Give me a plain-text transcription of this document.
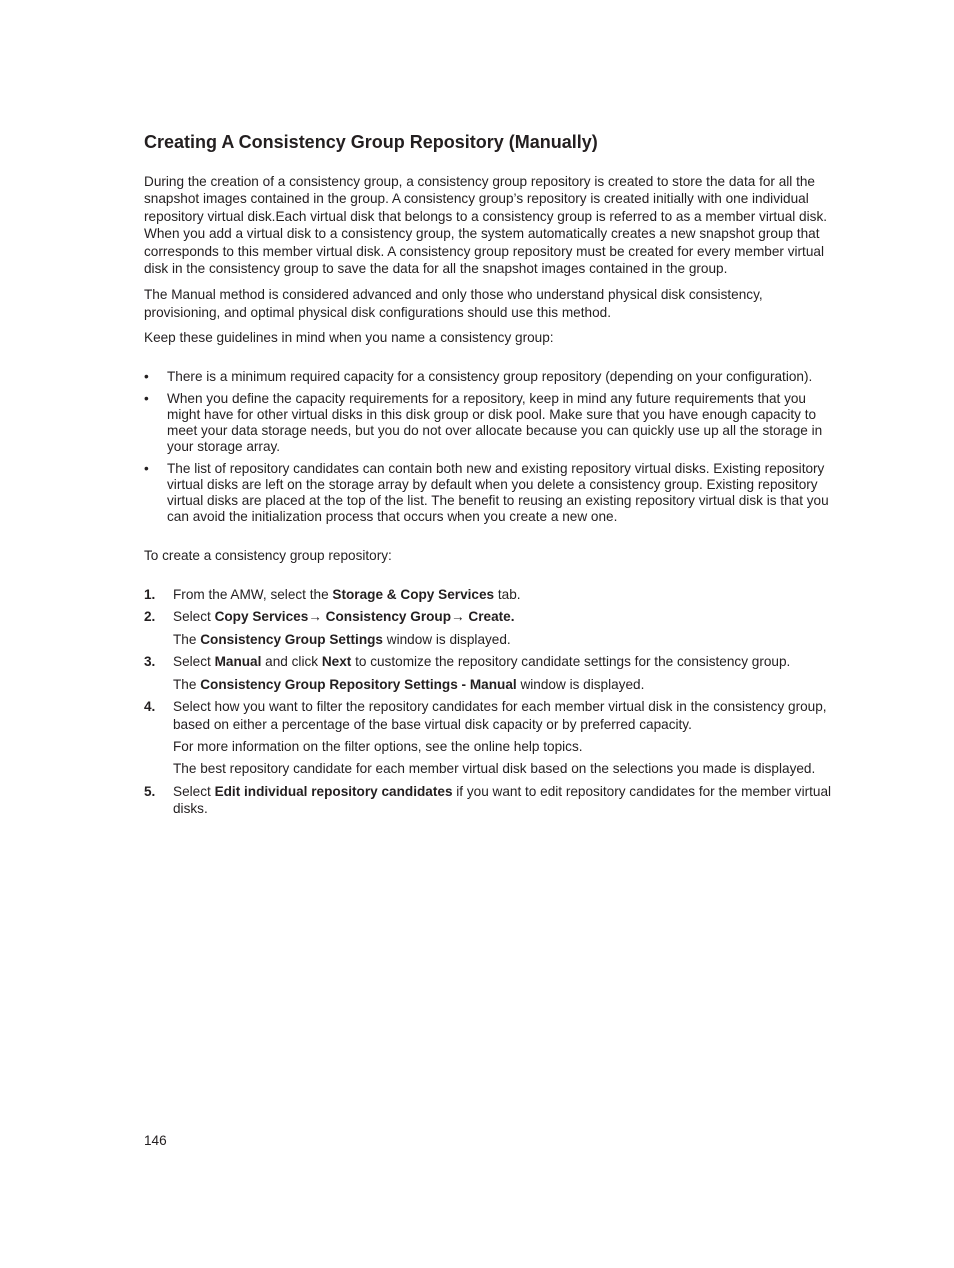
Creating A Consistency Group Repository (Manually)

During the creation of a consistency group, a consistency group repository is created to store the data for all the snapshot images contained in the group. A consistency group’s repository is created initially with one individual repository virtual disk.Each virtual disk that belongs to a consistency group is referred to as a member virtual disk. When you add a virtual disk to a consistency group, the system automatically creates a new snapshot group that corresponds to this member virtual disk. A consistency group repository must be created for every member virtual disk in the consistency group to save the data for all the snapshot images contained in the group.

The Manual method is considered advanced and only those who understand physical disk consistency, provisioning, and optimal physical disk configurations should use this method.

Keep these guidelines in mind when you name a consistency group:

• There is a minimum required capacity for a consistency group repository (depending on your configuration).
• When you define the capacity requirements for a repository, keep in mind any future requirements that you might have for other virtual disks in this disk group or disk pool. Make sure that you have enough capacity to meet your data storage needs, but you do not over allocate because you can quickly use up all the storage in your storage array.
• The list of repository candidates can contain both new and existing repository virtual disks. Existing repository virtual disks are left on the storage array by default when you delete a consistency group. Existing repository virtual disks are placed at the top of the list. The benefit to reusing an existing repository virtual disk is that you can avoid the initialization process that occurs when you create a new one.

To create a consistency group repository:

1. From the AMW, select the Storage & Copy Services tab.
2. Select Copy Services→ Consistency Group→ Create.

The Consistency Group Settings window is displayed.

3. Select Manual and click Next to customize the repository candidate settings for the consistency group.

The Consistency Group Repository Settings - Manual window is displayed.

4. Select how you want to filter the repository candidates for each member virtual disk in the consistency group, based on either a percentage of the base virtual disk capacity or by preferred capacity.

For more information on the filter options, see the online help topics.

The best repository candidate for each member virtual disk based on the selections you made is displayed.

5. Select Edit individual repository candidates if you want to edit repository candidates for the member virtual disks.
146
